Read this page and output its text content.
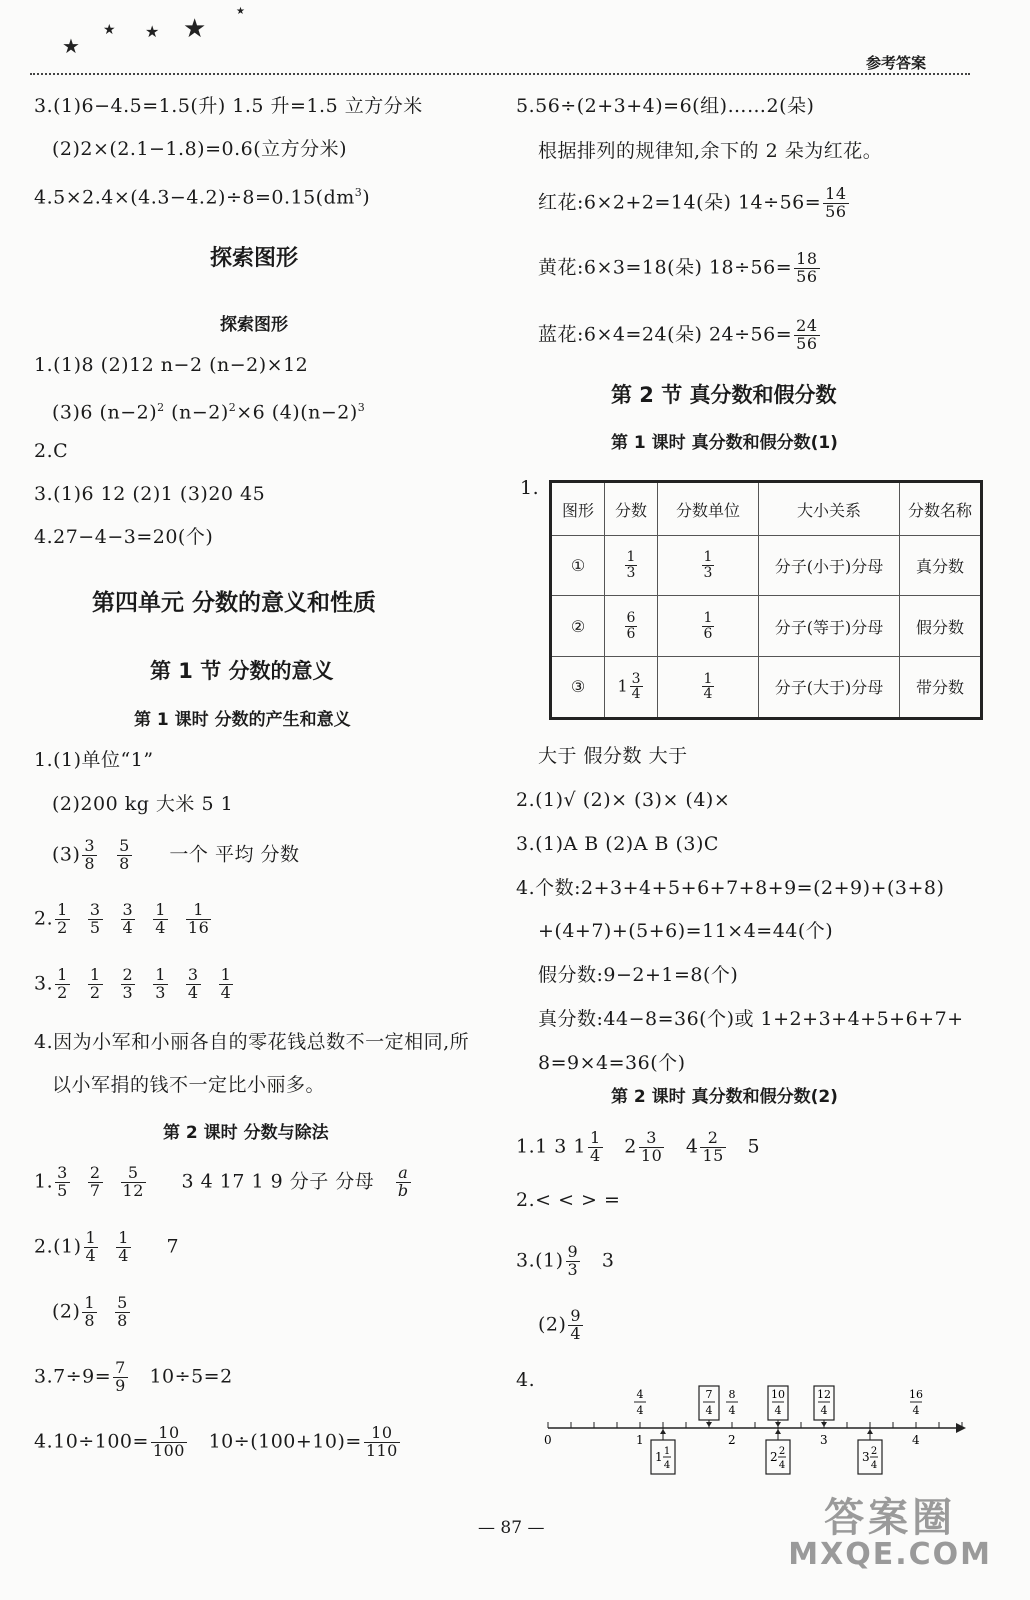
★
★ ★ ★
★
参考答案
3.(1)6−4.5=1.5(升) 1.5 升=1.5 立方分米
(2)2×(2.1−1.8)=0.6(立方分米)
$4.5\times 2.4\times(4.3-4.2)\div 8=0.15(dm^3)$
探索图形
探索图形
1.(1)8 (2)12 n−2 (n−2)×12
(3)6 $(n-2)^2$ $(n-2)^2\times 6$ $(4)(n-2)^3$
2.C
3.(1)6 12 (2)1 (3)20 45
4.27−4−3=20(个)
第四单元 分数的意义和性质
第 1 节 分数的意义
第 1 课时 分数的产生和意义
1.(1)单位“1”
(2)200 kg 大米 5 1
$(3) \frac{3}{8} \frac{5}{8}$ 一个 平均 分数
2. $\frac{1}{2} \frac{3}{5} \frac{3}{4} \frac{1}{4} \frac{1}{16}$
3. $\frac{1}{2} \frac{1}{2} \frac{2}{3} \frac{1}{3} \frac{3}{4} \frac{1}{4}$
4.因为小军和小丽各自的零花钱总数不一定相同,所
以小军捐的钱不一定比小丽多。
第 2 课时 分数与除法
1. $\frac{3}{5} \frac{2}{7} \frac{5}{12} 3$ 4 17 1 9 分子 分母 $\frac{a}{b}$
$2.(1) \frac{1}{4} \frac{1}{4} 7$
$(2) \frac{1}{8} \frac{5}{8}$
$3.7\div 9= \frac{7}{9} 10\div 5=2$
$4.10\div 100= \frac{10}{100} 10\div(100+10)= \frac{10}{110}$
5.56÷(2+3+4)=6(组)……2(朵)
根据排列的规律知,余下的 2 朵为红花。
红花:6×2+2=14(朵) $14\div 56= \frac{14}{56}$
黄花:6×3=18(朵) $18\div 56= \frac{18}{56}$
蓝花:6×4=24(朵) $24\div 56= \frac{24}{56}$
第 2 节 真分数和假分数
第 1 课时 真分数和假分数(1)
1.
图形	分数	分数单位	大小关系	分数名称
①	$\frac{1}{3}$	$\frac{1}{3}$	分子(小于)分母	真分数
②	$\frac{6}{6}$	$\frac{1}{6}$	分子(等于)分母	假分数
③	$1 \frac{3}{4}$	$\frac{1}{4}$	分子(大于)分母	带分数
大于 假分数 大于
2.(1)√ (2)× (3)× (4)×
3.(1)A B (2)A B (3)C
4.个数:2+3+4+5+6+7+8+9=(2+9)+(3+8)
+(4+7)+(5+6)=11×4=44(个)
假分数:9−2+1=8(个)
真分数:44−8=36(个)或 1+2+3+4+5+6+7+
8=9×4=36(个)
第 2 课时 真分数和假分数(2)
1.1 3 $1 \frac{1}{4} 2 \frac{3}{10} 4 \frac{2}{15} 5$
2.< < > =
$3.(1) \frac{9}{3} 3$
$(2) \frac{9}{4}$
4.
0	1	2	3	4
4
4
7
4
8
4
10
4
12
4
16
4
1 1
4
2 2
4
3 2
4
— 87 —	答案圈
MXQE.COM
